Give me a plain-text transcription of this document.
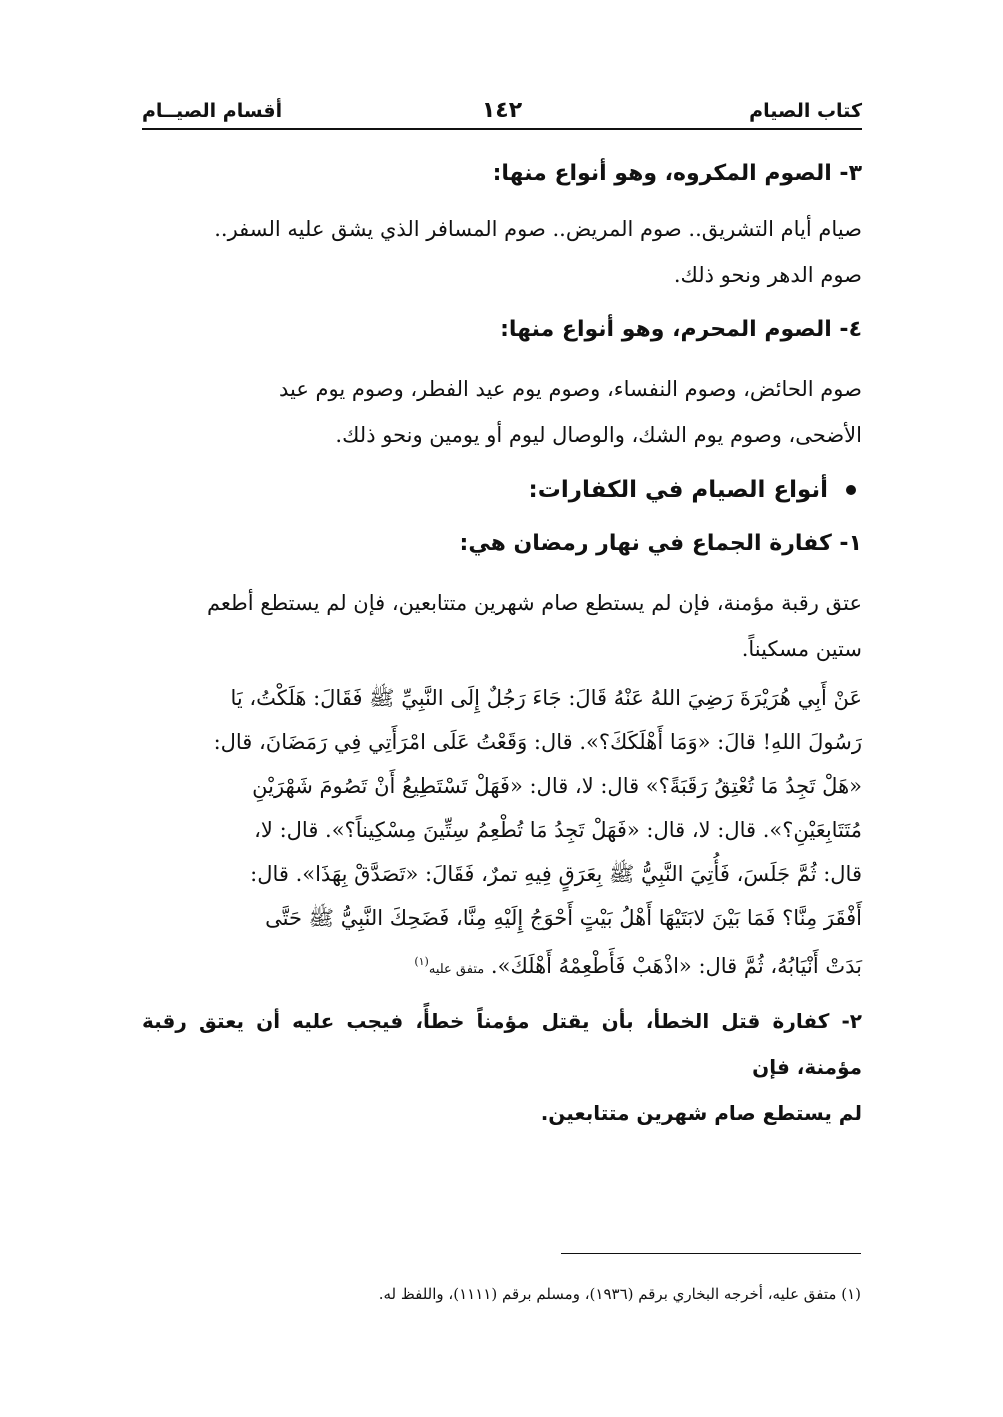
كتاب الصيام
١٤٢
أقسام الصيــام

٣- الصوم المكروه، وهو أنواع منها:

صيام أيام التشريق.. صوم المريض.. صوم المسافر الذي يشق عليه السفر..

صوم الدهر ونحو ذلك.

٤- الصوم المحرم، وهو أنواع منها:

صوم الحائض، وصوم النفساء، وصوم يوم عيد الفطر، وصوم يوم عيد

الأضحى، وصوم يوم الشك، والوصال ليوم أو يومين ونحو ذلك.

أنواع الصيام في الكفارات:

١- كفارة الجماع في نهار رمضان هي:

عتق رقبة مؤمنة، فإن لم يستطع صام شهرين متتابعين، فإن لم يستطع أطعم

ستين مسكيناً.

عَنْ أَبِي هُرَيْرَةَ رَضِيَ اللهُ عَنْهُ قَالَ: جَاءَ رَجُلٌ إِلَى النَّبِيِّ ﷺ فَقَالَ: هَلَكْتُ، يَا

رَسُولَ اللهِ! قالَ: «وَمَا أَهْلَكَكَ؟». قال: وَقَعْتُ عَلَى امْرَأَتِي فِي رَمَضَانَ، قال:

«هَلْ تَجِدُ مَا تُعْتِقُ رَقَبَةً؟» قال: لا، قال: «فَهَلْ تَسْتَطِيعُ أَنْ تَصُومَ شَهْرَيْنِ

مُتَتَابِعَيْنِ؟». قال: لا، قال: «فَهَلْ تَجِدُ مَا تُطْعِمُ سِتِّينَ مِسْكِيناً؟». قال: لا،

قال: ثُمَّ جَلَسَ، فَأُتِيَ النَّبِيُّ ﷺ بِعَرَقٍ فِيهِ تمرٌ، فَقَالَ: «تَصَدَّقْ بِهَذَا». قال:

أَفْقَرَ مِنَّا؟ فَمَا بَيْنَ لابَتَيْهَا أَهْلُ بَيْتٍ أَحْوَجُ إِلَيْهِ مِنَّا، فَضَحِكَ النَّبِيُّ ﷺ حَتَّى

بَدَتْ أَنْيَابُهُ، ثُمَّ قال: «اذْهَبْ فَأَطْعِمْهُ أَهْلَكَ». متفق عليه$^{(١)}$

٢- كفارة قتل الخطأ، بأن يقتل مؤمناً خطأً، فيجب عليه أن يعتق رقبة مؤمنة، فإن

لم يستطع صام شهرين متتابعين.

(١) متفق عليه، أخرجه البخاري برقم (١٩٣٦)، ومسلم برقم (١١١١)، واللفظ له.
